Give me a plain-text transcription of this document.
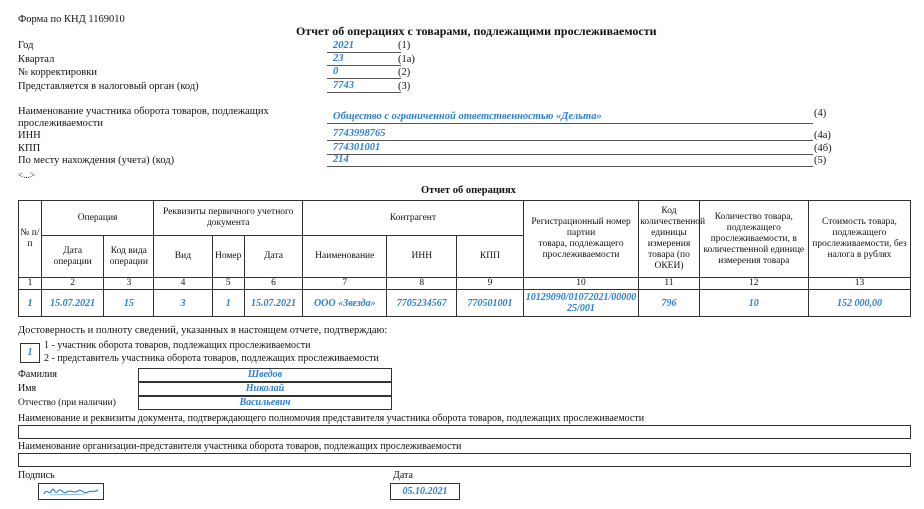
Форма по КНД 1169010
Отчет об операциях с товарами, подлежащими прослеживаемости
Год	2021	(1)
Квартал	23	(1а)
№ корректировки	0	(2)
Представляется в налоговый орган (код)	7743	(3)
Наименование участника оборота товаров, подлежащих
прослеживаемости
Общество с ограниченной ответственностью «Дельта»	(4)
ИНН	7743998765	(4а)
КПП	774301001	(4б)
По месту нахождения (учета) (код)	214	(5)
<...>
Отчет об операциях
№ п/п	Операция		Реквизиты первичного учетного документа			Контрагент			Регистрационный номер партии
товара, подлежащего прослеживаемости	Код количественной единицы измерения товара (по ОКЕИ)	Количество товара, подлежащего прослеживаемости, в количественной единице измерения товара	Стоимость товара, подлежащего прослеживаемости, без налога в рублях
	Дата операции	Код вида операции	Вид	Номер	Дата	Наименование	ИНН	КПП				
1	2	3	4	5	6	7	8	9	10	11	12	13
1	15.07.2021	15	3	1	15.07.2021	ООО «Звезда»	7705234567	770501001	10129090/01072021/0000025/001	796	10	152 000,00
Достоверность и полноту сведений, указанных в настоящем отчете, подтверждаю:
1
1 - участник оборота товаров, подлежащих прослеживаемости
2 - представитель участника оборота товаров, подлежащих прослеживаемости
Фамилия	Шведов
Имя	Николай
Отчество (при наличии)	Васильевич
Наименование и реквизиты документа, подтверждающего полномочия представителя участника оборота товаров, подлежащих прослеживаемости
Наименование организации-представителя участника оборота товаров, подлежащих прослеживаемости
Подпись	Дата
05.10.2021
